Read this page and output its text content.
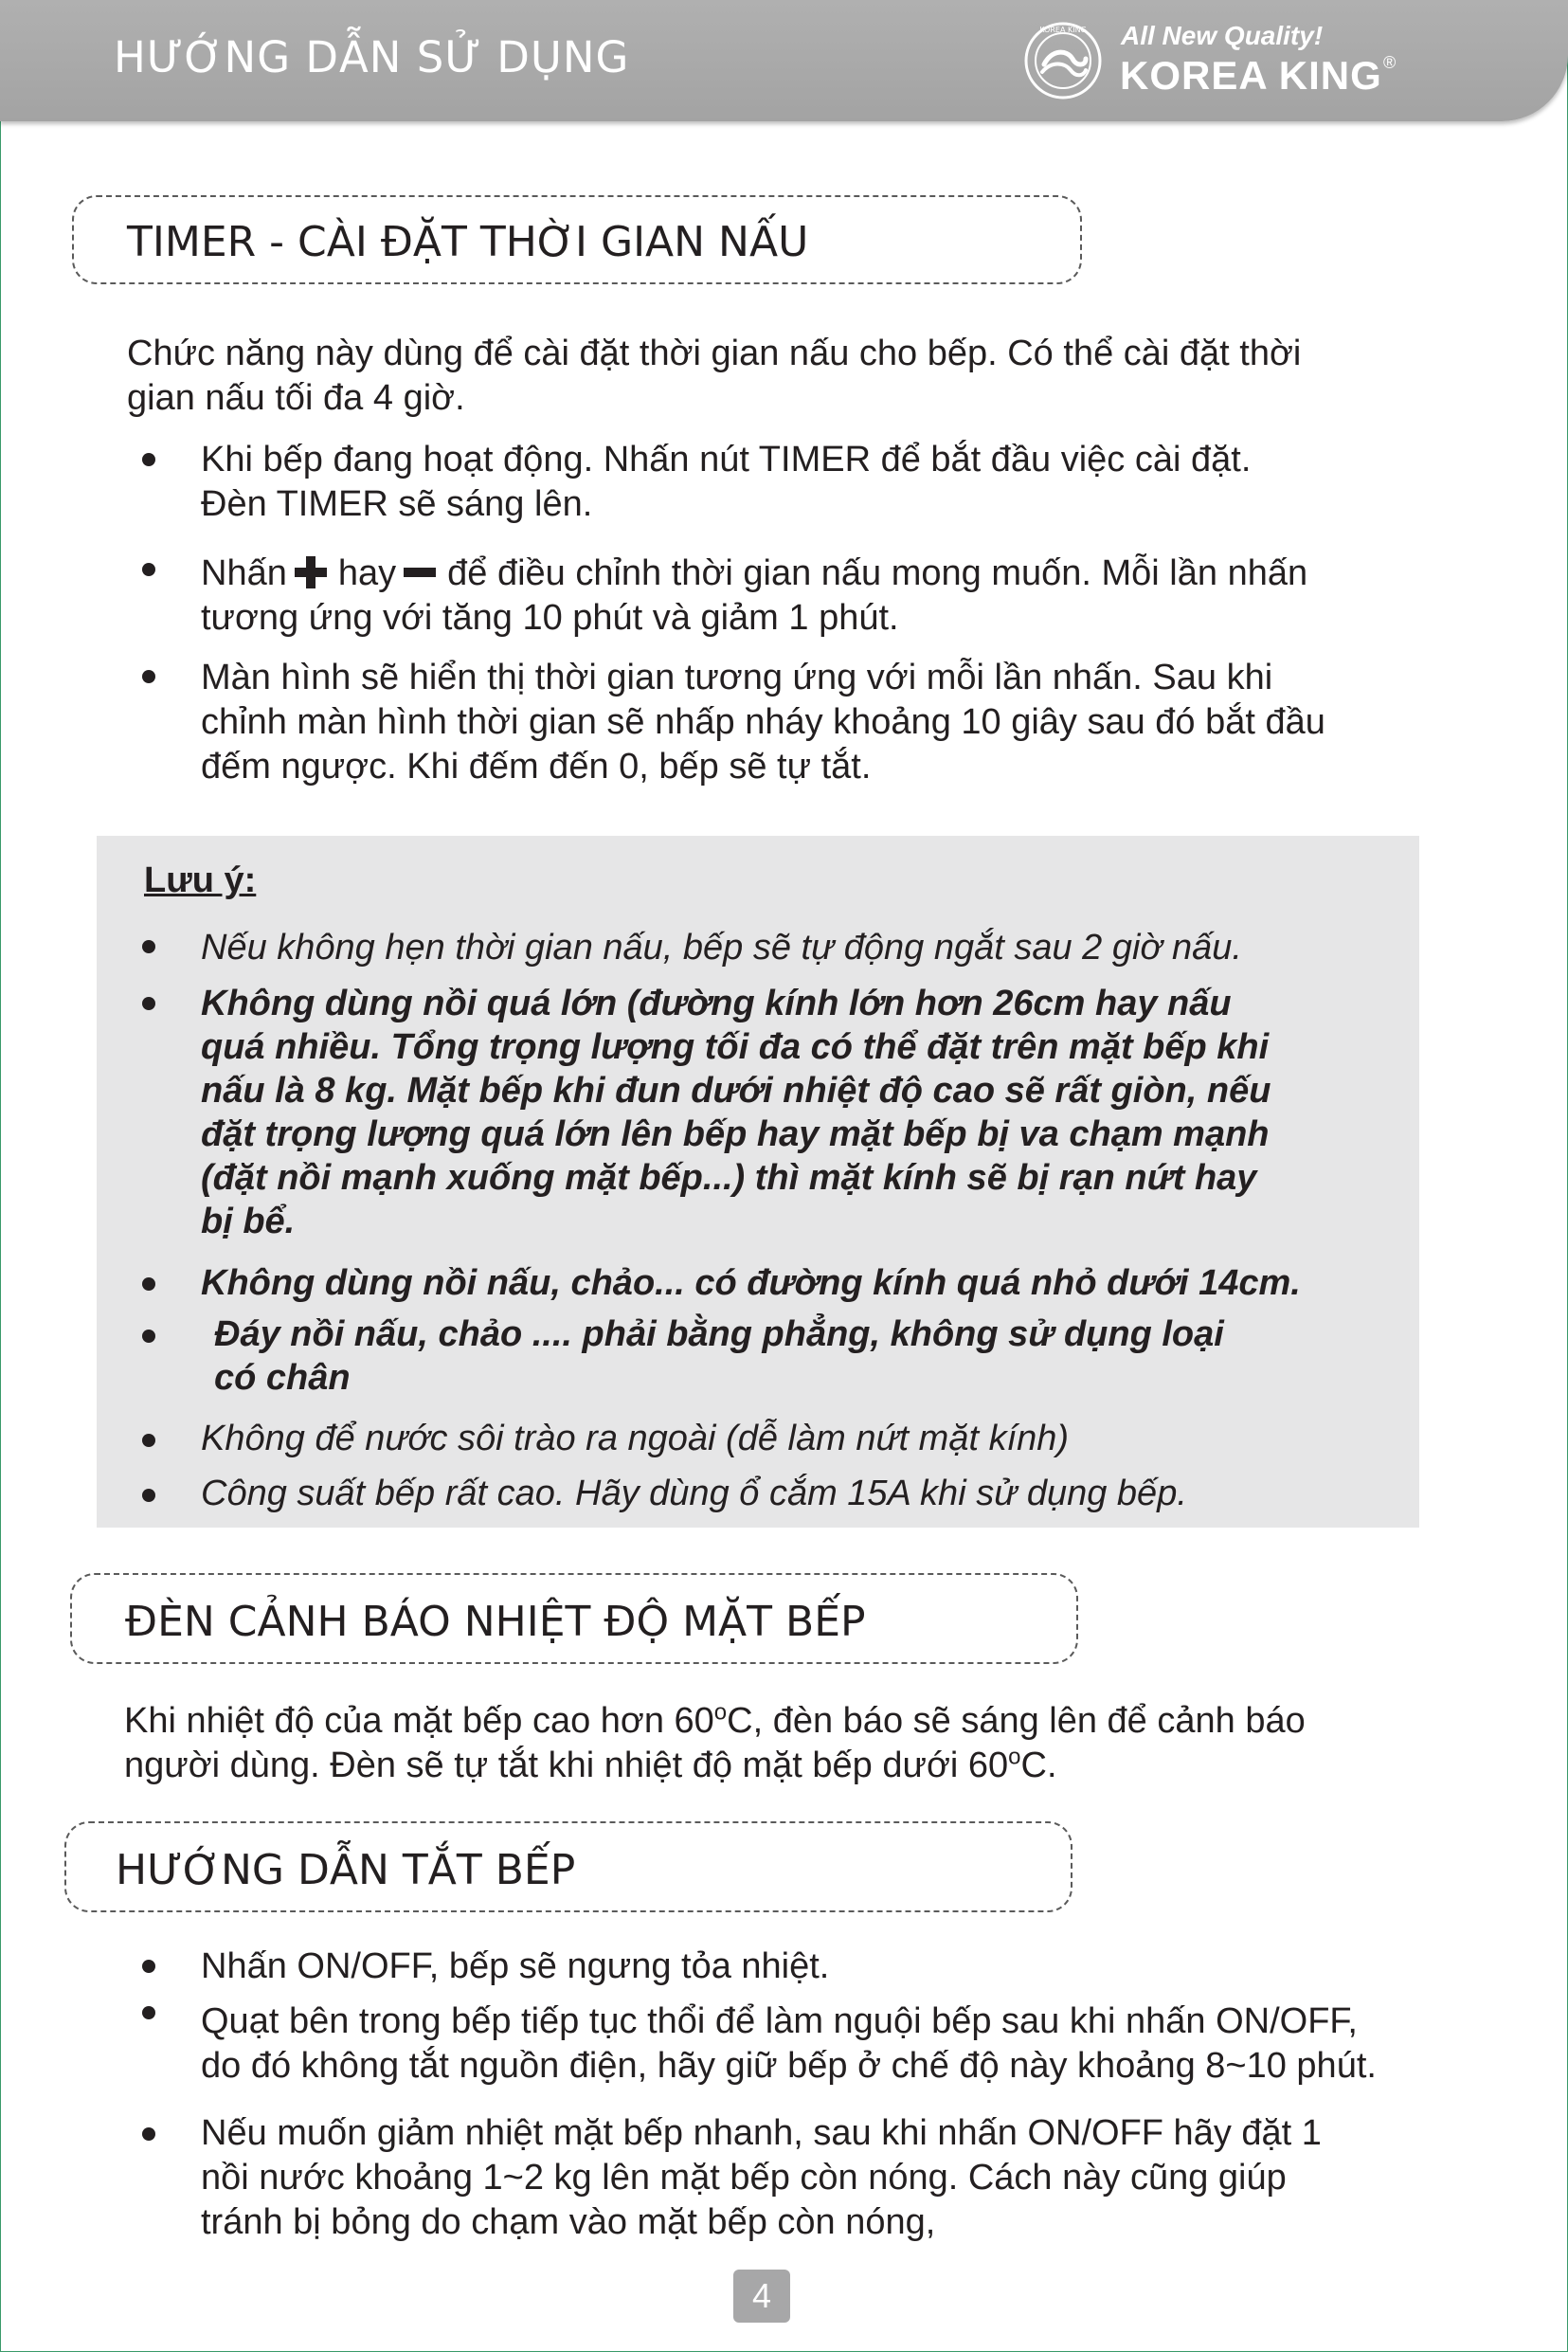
HƯỚNG DẪN SỬ DỤNG
KOREA KING All New Quality!
KOREA KING ®
TIMER - CÀI ĐẶT THỜI GIAN NẤU
Chức năng này dùng để cài đặt thời gian nấu cho bếp. Có thể cài đặt thời
gian nấu tối đa 4 giờ.
Khi bếp đang hoạt động. Nhấn nút TIMER để bắt đầu việc cài đặt.
Đèn TIMER sẽ sáng lên.
Nhấn hay để điều chỉnh thời gian nấu mong muốn. Mỗi lần nhấn
tương ứng với tăng 10 phút và giảm 1 phút.
Màn hình sẽ hiển thị thời gian tương ứng với mỗi lần nhấn. Sau khi
chỉnh màn hình thời gian sẽ nhấp nháy khoảng 10 giây sau đó bắt đầu
đếm ngược. Khi đếm đến 0, bếp sẽ tự tắt.
Lưu ý:
Nếu không hẹn thời gian nấu, bếp sẽ tự động ngắt sau 2 giờ nấu.
Không dùng nồi quá lớn (đường kính lớn hơn 26cm hay nấu
quá nhiều. Tổng trọng lượng tối đa có thể đặt trên mặt bếp khi
nấu là 8 kg. Mặt bếp khi đun dưới nhiệt độ cao sẽ rất giòn, nếu
đặt trọng lượng quá lớn lên bếp hay mặt bếp bị va chạm mạnh
(đặt nồi mạnh xuống mặt bếp...) thì mặt kính sẽ bị rạn nứt hay
bị bể.
Không dùng nồi nấu, chảo... có đường kính quá nhỏ dưới 14cm.
Đáy nồi nấu, chảo .... phải bằng phẳng, không sử dụng loại
có chân
Không để nước sôi trào ra ngoài (dễ làm nứt mặt kính)
Công suất bếp rất cao. Hãy dùng ổ cắm 15A khi sử dụng bếp.
ĐÈN CẢNH BÁO NHIỆT ĐỘ MẶT BẾP
Khi nhiệt độ của mặt bếp cao hơn 60$^o$C, đèn báo sẽ sáng lên để cảnh báo
người dùng. Đèn sẽ tự tắt khi nhiệt độ mặt bếp dưới 60$^o$C.
HƯỚNG DẪN TẮT BẾP
Nhấn ON/OFF, bếp sẽ ngưng tỏa nhiệt.
Quạt bên trong bếp tiếp tục thổi để làm nguội bếp sau khi nhấn ON/OFF,
do đó không tắt nguồn điện, hãy giữ bếp ở chế độ này khoảng 8~10 phút.
Nếu muốn giảm nhiệt mặt bếp nhanh, sau khi nhấn ON/OFF hãy đặt 1
nồi nước khoảng 1~2 kg lên mặt bếp còn nóng. Cách này cũng giúp
tránh bị bỏng do chạm vào mặt bếp còn nóng,
4
